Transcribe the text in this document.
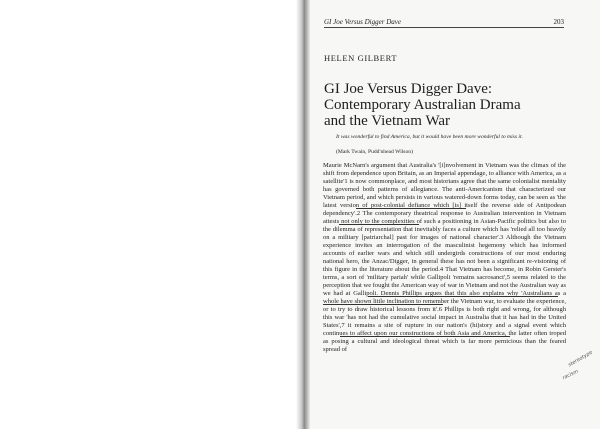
GI Joe Versus Digger Dave	203
HELEN GILBERT
GI Joe Versus Digger Dave:
Contemporary Australian Drama
and the Vietnam War
It was wonderful to find America, but it would have been more wonderful to miss it.
(Mark Twain, Pudd'nhead Wilson)

Maurie McNarn's argument that Australia's '[i]nvolvement in Vietnam was the climax of the shift from dependence upon Britain, as an Imperial appendage, to alliance with America, as a satellite'1 is now commonplace, and most historians agree that the same colonialist mentality has governed both patterns of allegiance. The anti-Americanism that characterized our Vietnam period, and which persists in various watered-down forms today, can be seen as 'the latest version of post-colonial defiance which [is] itself the reverse side of Antipodean dependency'.2 The contemporary theatrical response to Australian intervention in Vietnam attests not only to the complexities of such a positioning in Asian-Pacific politics but also to the dilemma of representation that inevitably faces a culture which has 'relied all too heavily on a military [patriarchal] past for images of national character'.3 Although the Vietnam experience invites an interrogation of the masculinist hegemony which has informed accounts of earlier wars and which still undergirds constructions of our most enduring national hero, the Anzac/Digger, in general these has not been a significant re-visioning of this figure in the literature about the period.4 That Vietnam has become, in Robin Gerster's terms, a sort of 'military pariah' while Gallipoli 'remains sacrosanct',5 seems related to the perception that we fought the American way of war in Vietnam and not the Australian way as we had at Gallipoli. Dennis Phillips argues that this also explains why 'Australians as a whole have shown little inclination to remember the Vietnam war, to evaluate the experience, or to try to draw historical lessons from it'.6 Phillips is both right and wrong, for although this war 'has not had the cumulative social impact in Australia that it has had in the United States',7 it remains a site of rupture in our nation's (hi)story and a signal event which continues to affect upon our constructions of both Asia and America, the latter often troped as posing a cultural and ideological threat which is far more pernicious than the feared spread of

stereotype
racism
